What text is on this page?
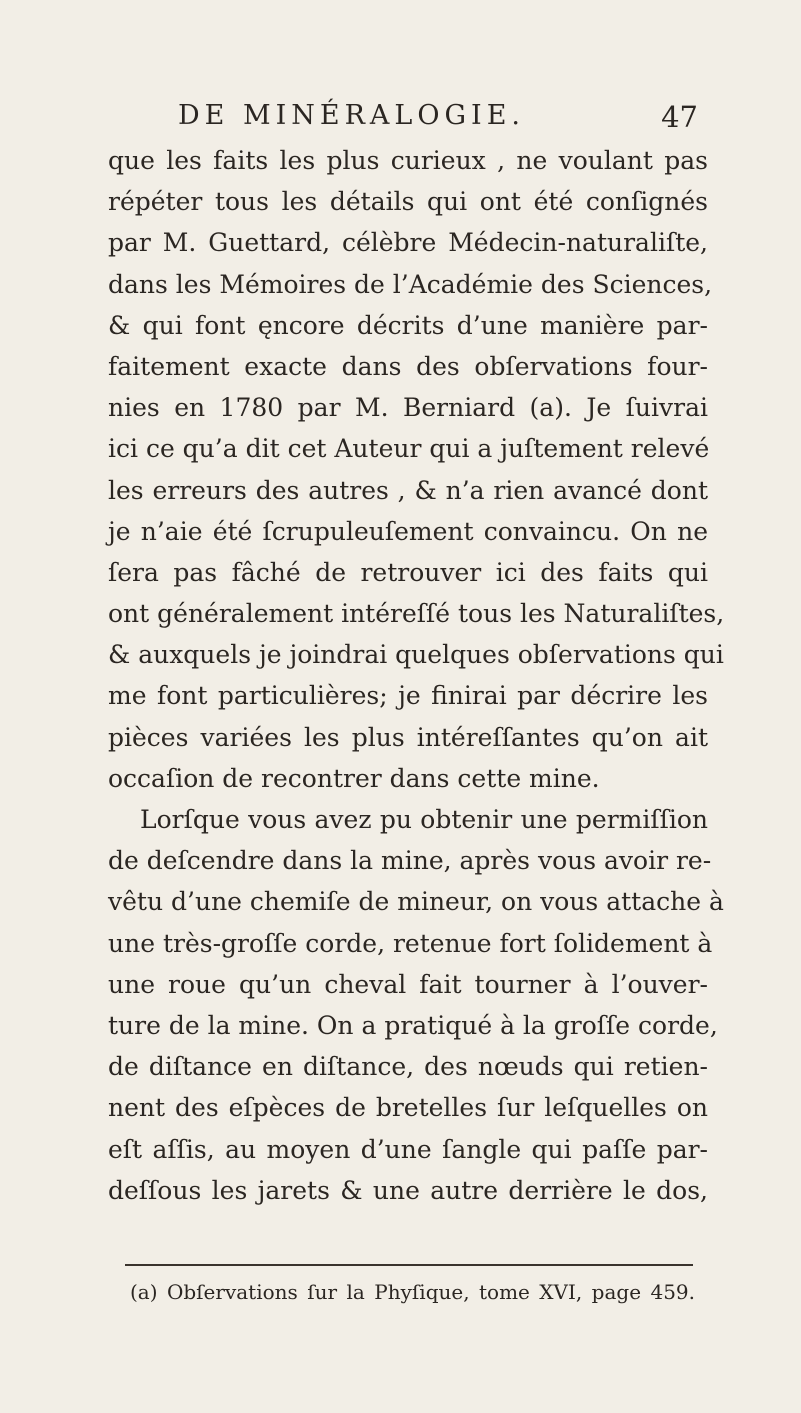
DE MINÉRALOGIE.	47
que les faits les plus curieux , ne voulant pas
répéter tous les détails qui ont été conſignés
par M. Guettard, célèbre Médecin-naturaliſte,
dans les Mémoires de l’Académie des Sciences,
& qui font ęncore décrits d’une manière par-
faitement exacte dans des obſervations four-
nies en 1780 par M. Berniard (a). Je ſuivrai
ici ce qu’a dit cet Auteur qui a juſtement relevé
les erreurs des autres , & n’a rien avancé dont
je n’aie été ſcrupuleuſement convaincu. On ne
ſera pas fâché de retrouver ici des faits qui
ont généralement intéreſſé tous les Naturaliſtes,
& auxquels je joindrai quelques obſervations qui
me font particulières; je finirai par décrire les
pièces variées les plus intéreſſantes qu’on ait
occaſion de recontrer dans cette mine.
Lorſque vous avez pu obtenir une permiſſion
de deſcendre dans la mine, après vous avoir re-
vêtu d’une chemiſe de mineur, on vous attache à
une très-groſſe corde, retenue fort ſolidement à
une roue qu’un cheval fait tourner à l’ouver-
ture de la mine. On a pratiqué à la groſſe corde,
de diſtance en diſtance, des nœuds qui retien-
nent des eſpèces de bretelles ſur leſquelles on
eſt aſſis, au moyen d’une ſangle qui paſſe par-
deſſous les jarets & une autre derrière le dos,
(a) Obſervations ſur la Phyſique, tome XVI, page 459.
